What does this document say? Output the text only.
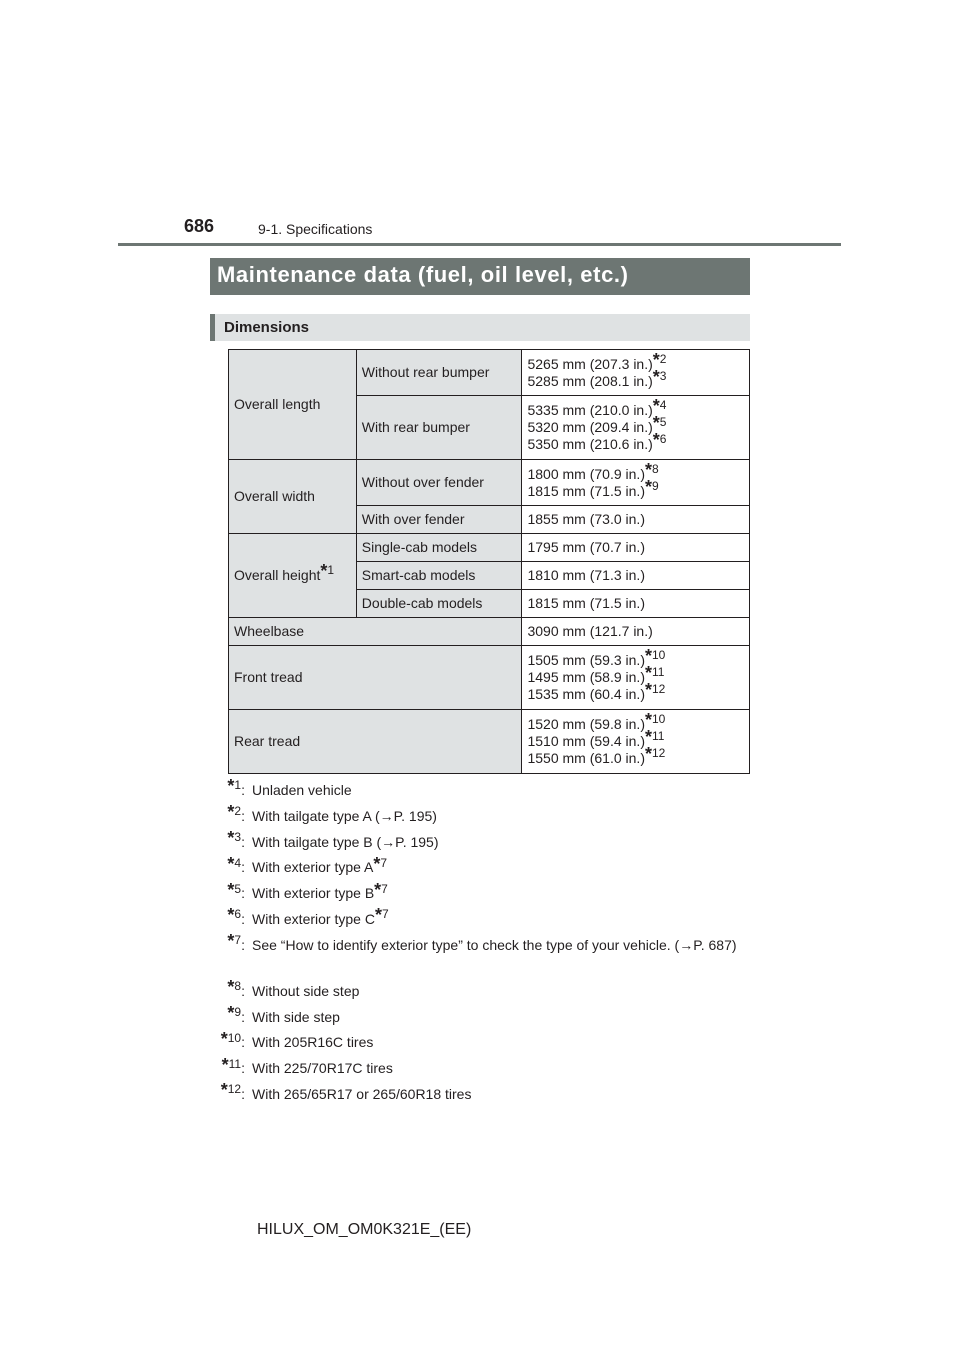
686	9-1. Specifications
Maintenance data (fuel, oil level, etc.)
Dimensions
Overall length	Without rear bumper	5265 mm (207.3 in.)$^{*2}$
5285 mm (208.1 in.)$^{*3}$
	With rear bumper	5335 mm (210.0 in.)$^{*4}$
5320 mm (209.4 in.)$^{*5}$
5350 mm (210.6 in.)$^{*6}$
Overall width	Without over fender	1800 mm (70.9 in.)$^{*8}$
1815 mm (71.5 in.)$^{*9}$
	With over fender	1855 mm (73.0 in.)
Overall height$^{*1}$	Single-cab models	1795 mm (70.7 in.)
	Smart-cab models	1810 mm (71.3 in.)
	Double-cab models	1815 mm (71.5 in.)
Wheelbase		3090 mm (121.7 in.)
Front tread		1505 mm (59.3 in.)$^{*10}$
1495 mm (58.9 in.)$^{*11}$
1535 mm (60.4 in.)$^{*12}$
Rear tread		1520 mm (59.8 in.)$^{*10}$
1510 mm (59.4 in.)$^{*11}$
1550 mm (61.0 in.)$^{*12}$
$^{*1}$: Unladen vehicle
$^{*2}$: With tailgate type A (→P. 195)
$^{*3}$: With tailgate type B (→P. 195)
$^{*4}$: With exterior type $A^{*7}$
$^{*5}$: With exterior type $B^{*7}$
$^{*6}$: With exterior type $C^{*7}$
$^{*7}$: See “How to identify exterior type” to check the type of your vehicle. (→P. 687)
$^{*8}$: Without side step
$^{*9}$: With side step
$^{*10}$: With 205R16C tires
$^{*11}$: With 225/70R17C tires
$^{*12}$: With 265/65R17 or 265/60R18 tires
HILUX_OM_OM0K321E_(EE)
